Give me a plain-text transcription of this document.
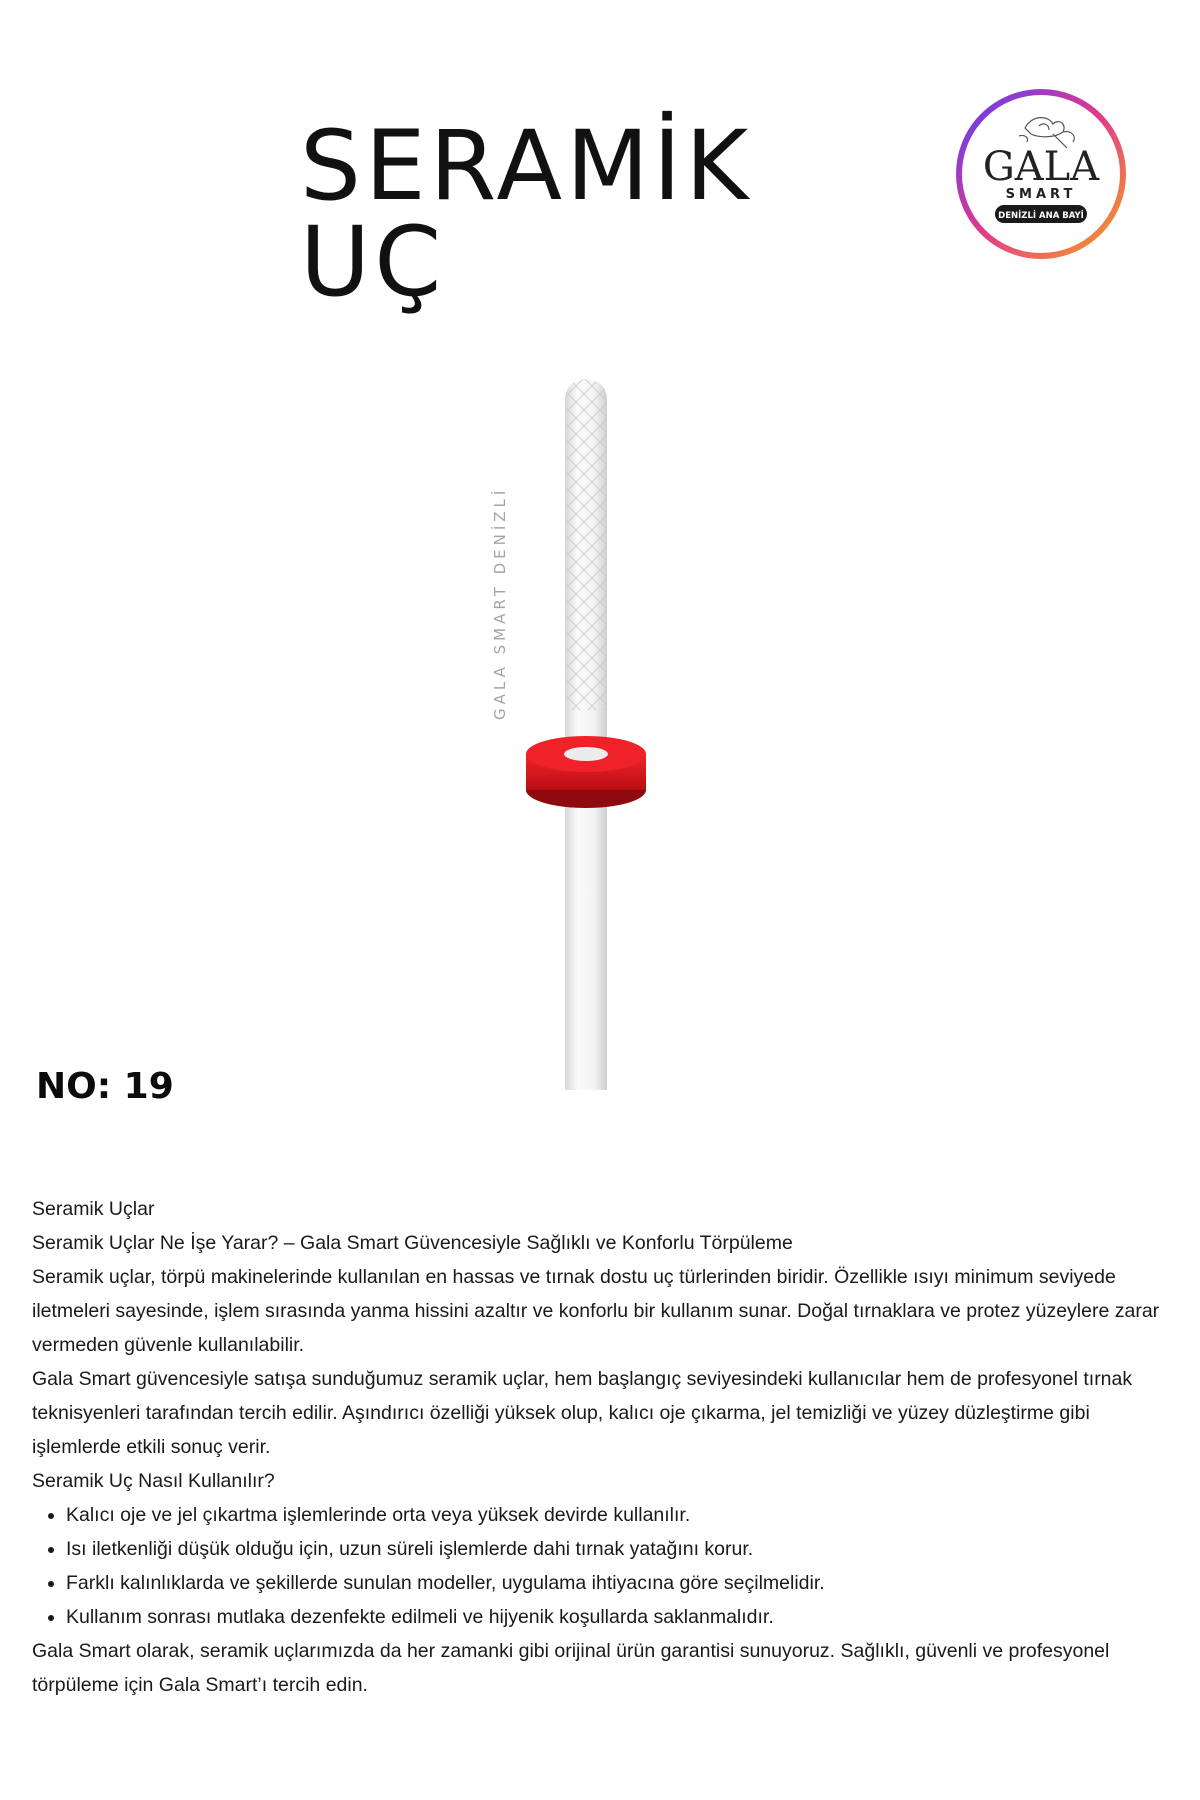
SERAMİK UÇ
GALA
SMART
DENİZLİ ANA BAYİ
GALA SMART DENİZLİ
NO: 19

Seramik Uçlar

Seramik Uçlar Ne İşe Yarar? – Gala Smart Güvencesiyle Sağlıklı ve Konforlu Törpüleme

Seramik uçlar, törpü makinelerinde kullanılan en hassas ve tırnak dostu uç türlerinden biridir. Özellikle ısıyı minimum seviyede iletmeleri sayesinde, işlem sırasında yanma hissini azaltır ve konforlu bir kullanım sunar. Doğal tırnaklara ve protez yüzeylere zarar vermeden güvenle kullanılabilir.

Gala Smart güvencesiyle satışa sunduğumuz seramik uçlar, hem başlangıç seviyesindeki kullanıcılar hem de profesyonel tırnak teknisyenleri tarafından tercih edilir. Aşındırıcı özelliği yüksek olup, kalıcı oje çıkarma, jel temizliği ve yüzey düzleştirme gibi işlemlerde etkili sonuç verir.

Seramik Uç Nasıl Kullanılır?

• Kalıcı oje ve jel çıkartma işlemlerinde orta veya yüksek devirde kullanılır.
• Isı iletkenliği düşük olduğu için, uzun süreli işlemlerde dahi tırnak yatağını korur.
• Farklı kalınlıklarda ve şekillerde sunulan modeller, uygulama ihtiyacına göre seçilmelidir.
• Kullanım sonrası mutlaka dezenfekte edilmeli ve hijyenik koşullarda saklanmalıdır.

Gala Smart olarak, seramik uçlarımızda da her zamanki gibi orijinal ürün garantisi sunuyoruz. Sağlıklı, güvenli ve profesyonel törpüleme için Gala Smart’ı tercih edin.
